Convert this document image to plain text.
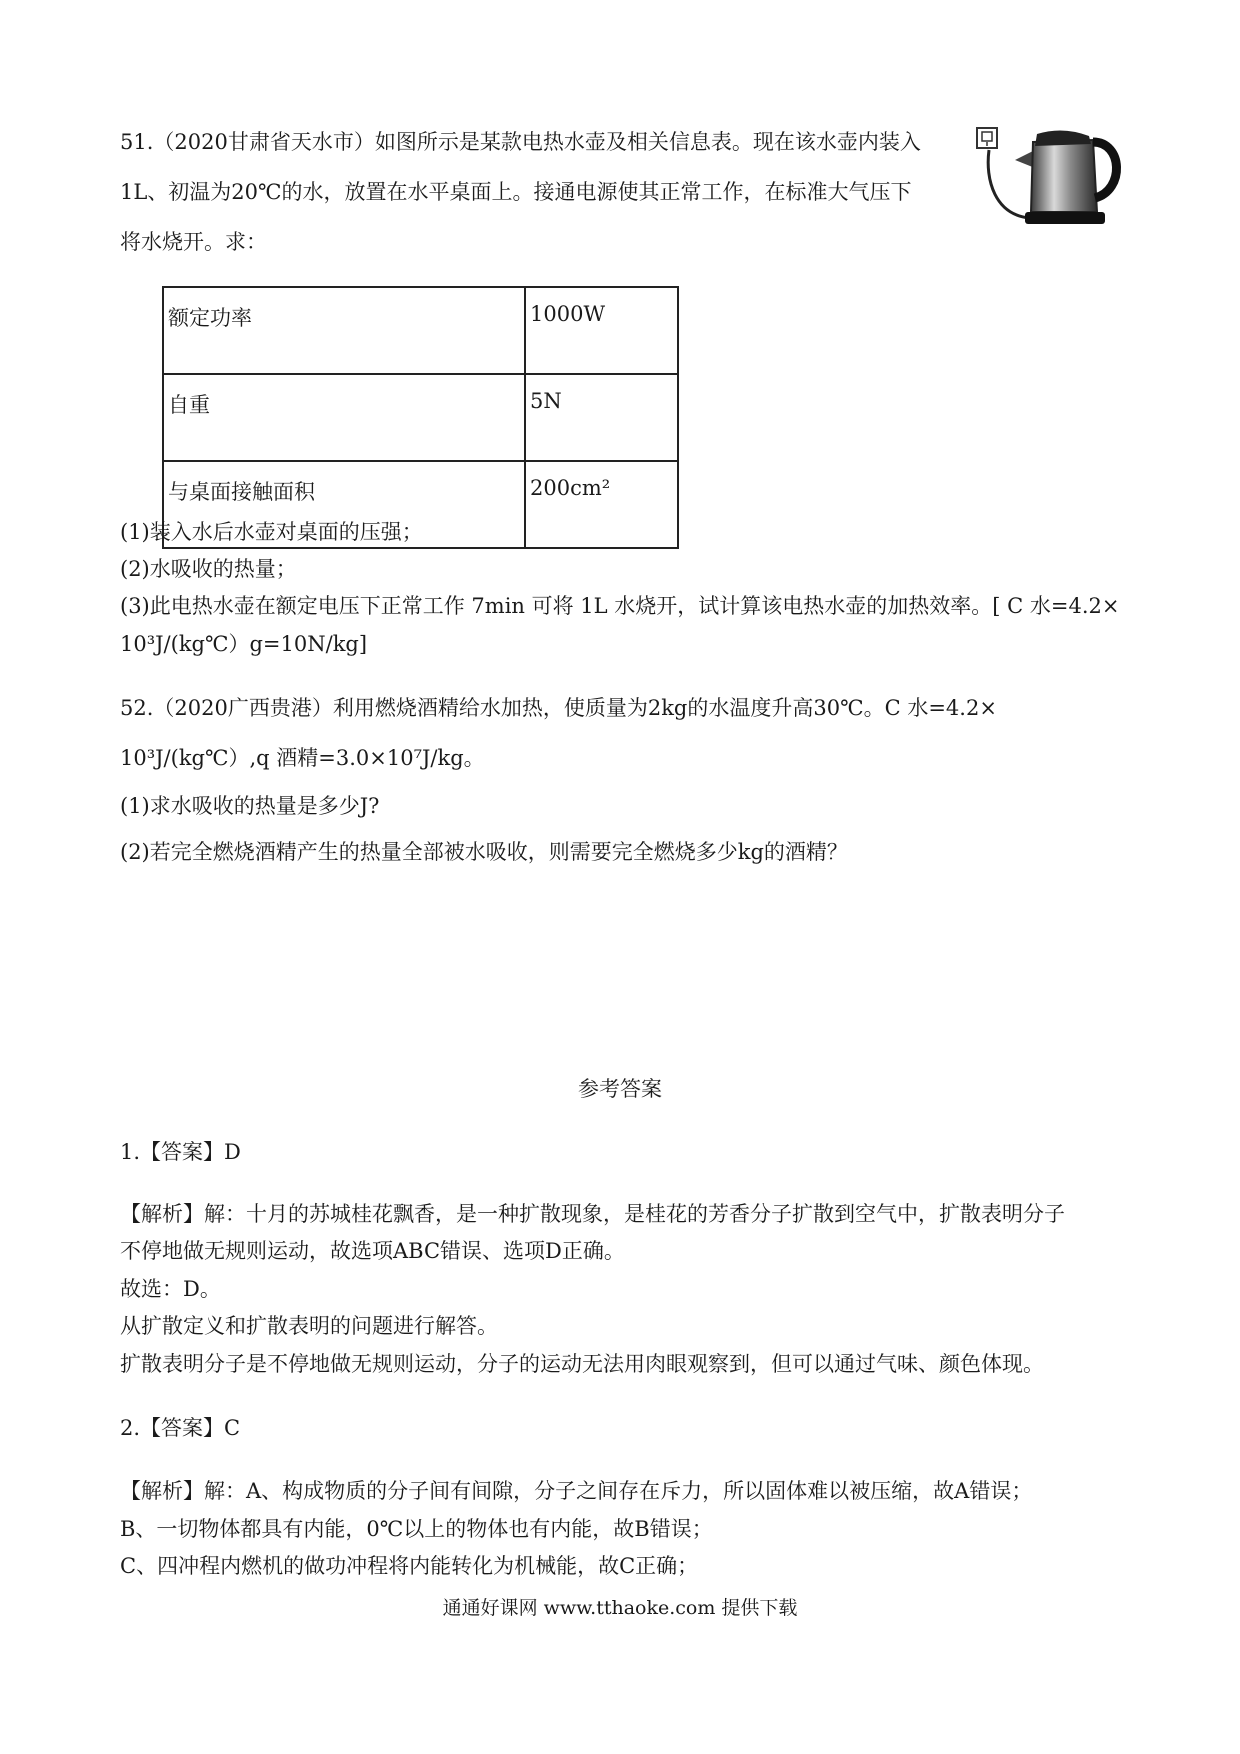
51.（2020甘肃省天水市）如图所示是某款电热水壶及相关信息表。现在该水壶内装入
1L、初温为20℃的水，放置在水平桌面上。接通电源使其正常工作，在标准大气压下
将水烧开。求：
额定功率	1000W
自重	5N
与桌面接触面积	200cm²
(1)装入水后水壶对桌面的压强；
(2)水吸收的热量；
(3)此电热水壶在额定电压下正常工作 7min 可将 1L 水烧开，试计算该电热水壶的加热效率。[ C 水=4.2×
10³J/(kg℃）g=10N/kg]
52.（2020广西贵港）利用燃烧酒精给水加热，使质量为2kg的水温度升高30℃。C 水=4.2×
10³J/(kg℃）,q 酒精=3.0×10⁷J/kg。
(1)求水吸收的热量是多少J?
(2)若完全燃烧酒精产生的热量全部被水吸收，则需要完全燃烧多少kg的酒精？
参考答案
1.【答案】D
【解析】解：十月的苏城桂花飘香，是一种扩散现象，是桂花的芳香分子扩散到空气中，扩散表明分子
不停地做无规则运动，故选项ABC错误、选项D正确。
故选：D。
从扩散定义和扩散表明的问题进行解答。
扩散表明分子是不停地做无规则运动，分子的运动无法用肉眼观察到，但可以通过气味、颜色体现。
2.【答案】C
【解析】解：A、构成物质的分子间有间隙，分子之间存在斥力，所以固体难以被压缩，故A错误；
B、一切物体都具有内能，0℃以上的物体也有内能，故B错误；
C、四冲程内燃机的做功冲程将内能转化为机械能，故C正确；
通通好课网 www.tthaoke.com 提供下载
